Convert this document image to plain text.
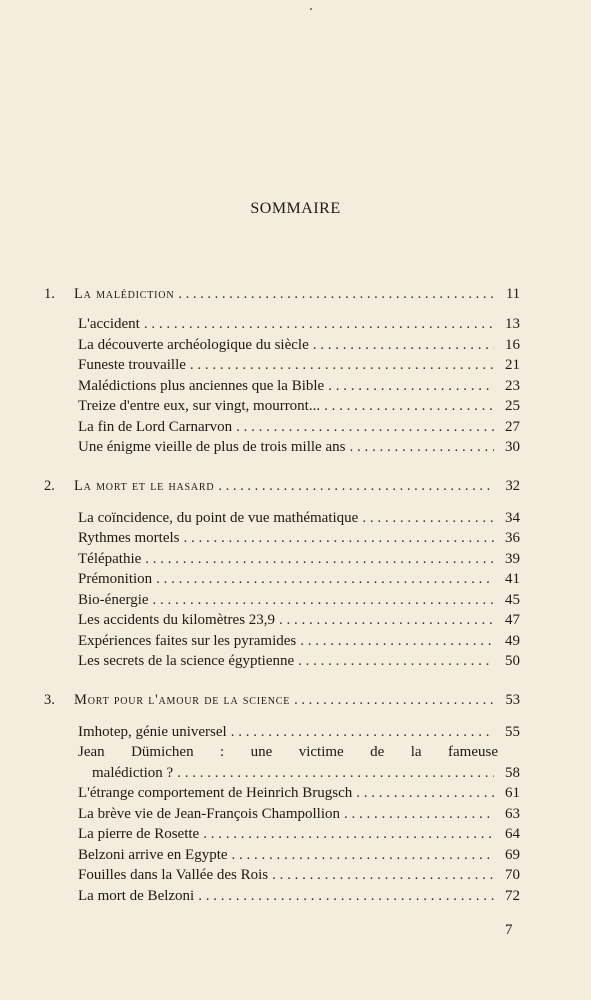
SOMMAIRE
1.	La malédiction . . .	11
L'accident . . .	13
La découverte archéologique du siècle . . .	16
Funeste trouvaille . . .	21
Malédictions plus anciennes que la Bible . . .	23
Treize d'entre eux, sur vingt, mourront... . . .	25
La fin de Lord Carnarvon . . .	27
Une énigme vieille de plus de trois mille ans . . .	30
2.	La mort et le hasard . . .	32
La coïncidence, du point de vue mathématique . . .	34
Rythmes mortels . . .	36
Télépathie . . .	39
Prémonition . . .	41
Bio-énergie . . .	45
Les accidents du kilomètres 23,9 . . .	47
Expériences faites sur les pyramides . . .	49
Les secrets de la science égyptienne . . .	50
3.	Mort pour l'amour de la science . . .	53
Imhotep, génie universel . . .	55
Jean Dümichen : une victime de la fameuse
malédiction ? . . .	58
L'étrange comportement de Heinrich Brugsch . . .	61
La brève vie de Jean-François Champollion . . .	63
La pierre de Rosette . . .	64
Belzoni arrive en Egypte . . .	69
Fouilles dans la Vallée des Rois . . .	70
La mort de Belzoni . . .	72
7
